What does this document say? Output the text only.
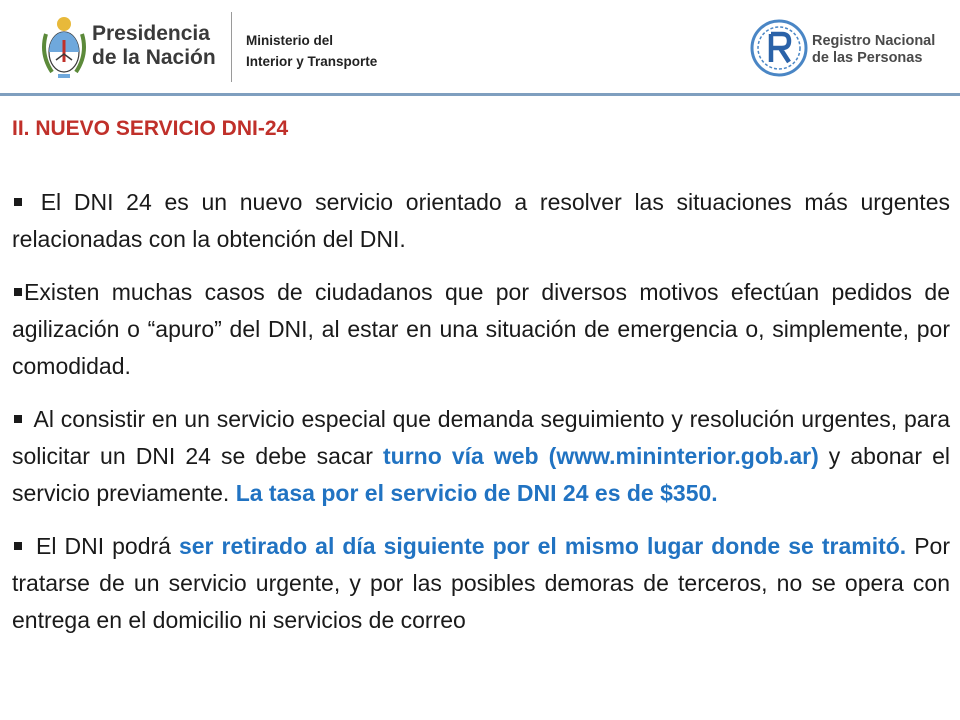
Presidencia
de la Nación
Ministerio del
Interior y Transporte
Registro Nacional
de las Personas
II. NUEVO SERVICIO DNI-24

El DNI 24 es un nuevo servicio orientado a resolver las situaciones más urgentes relacionadas con la obtención del DNI.

Existen muchas casos de ciudadanos que por diversos motivos efectúan pedidos de agilización o “apuro” del DNI, al estar en una situación de emergencia o, simplemente, por comodidad.

Al consistir en un servicio especial que demanda seguimiento y resolución urgentes, para solicitar un DNI 24 se debe sacar turno vía web (www.mininterior.gob.ar) y abonar el servicio previamente. La tasa por el servicio de DNI 24 es de $350.

El DNI podrá ser retirado al día siguiente por el mismo lugar donde se tramitó. Por tratarse de un servicio urgente, y por las posibles demoras de terceros, no se opera con entrega en el domicilio ni servicios de correo
